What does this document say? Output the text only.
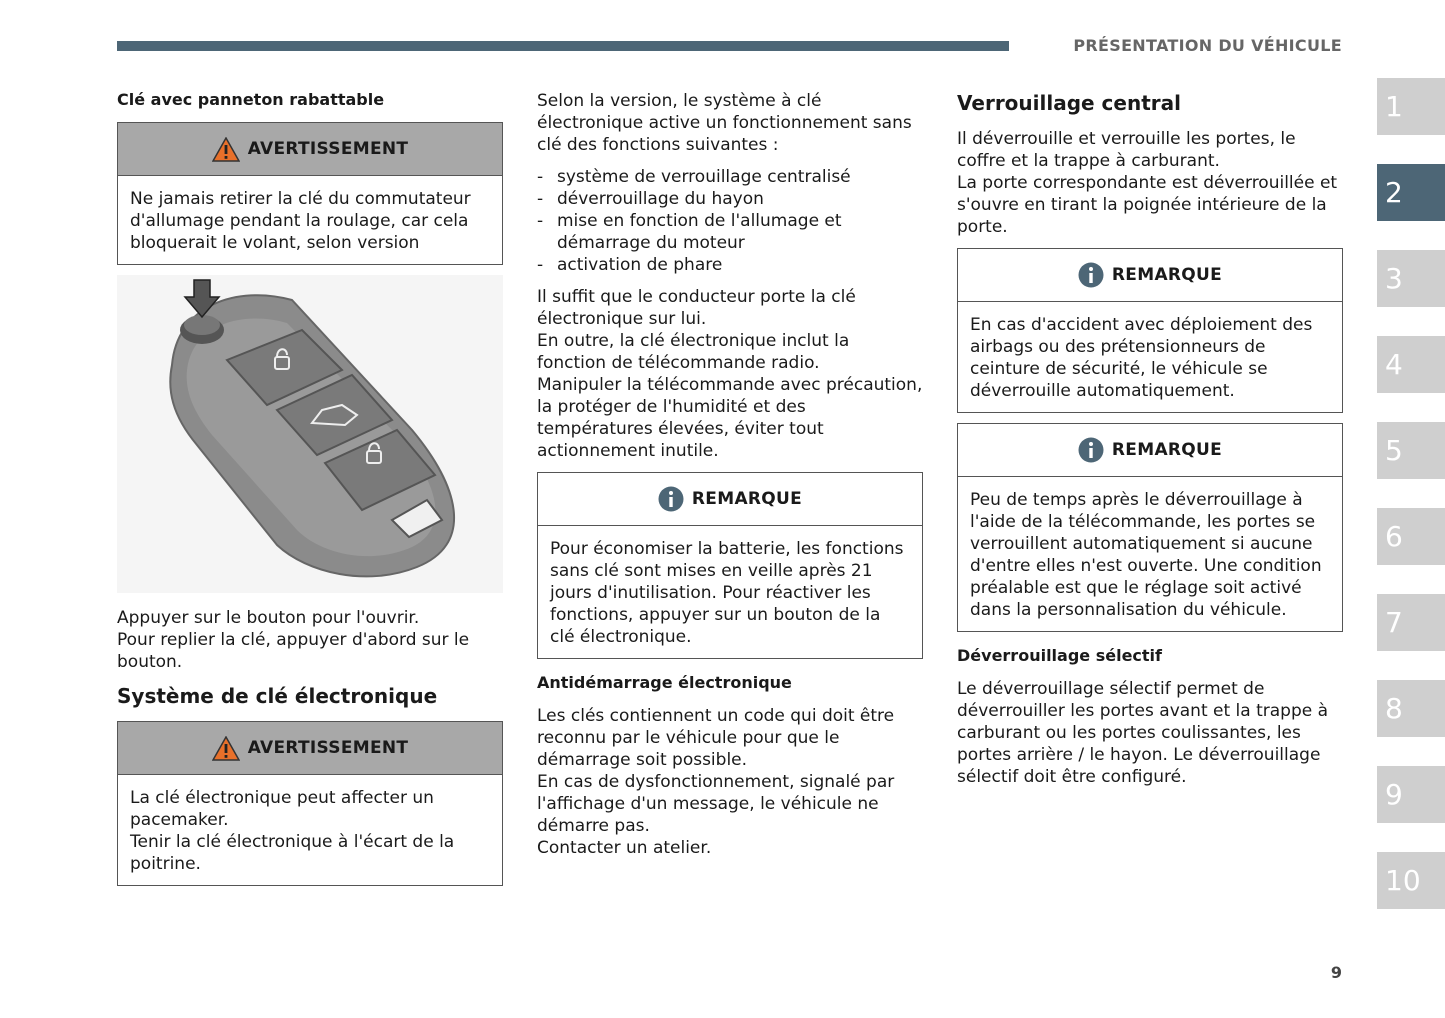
PRÉSENTATION DU VÉHICULE
Clé avec panneton rabattable
AVERTISSEMENT

Ne jamais retirer la clé du commutateur d'allumage pendant la roulage, car cela bloquerait le volant, selon version

Appuyer sur le bouton pour l'ouvrir.

Pour replier la clé, appuyer d'abord sur le bouton.

Système de clé électronique
AVERTISSEMENT

La clé électronique peut affecter un pacemaker.

Tenir la clé électronique à l'écart de la poitrine.

Selon la version, le système à clé électronique active un fonctionnement sans clé des fonctions suivantes :

- système de verrouillage centralisé
- déverrouillage du hayon
- mise en fonction de l'allumage et démarrage du moteur
- activation de phare

Il suffit que le conducteur porte la clé électronique sur lui.

En outre, la clé électronique inclut la fonction de télécommande radio.

Manipuler la télécommande avec précaution, la protéger de l'humidité et des températures élevées, éviter tout actionnement inutile.

REMARQUE

Pour économiser la batterie, les fonctions sans clé sont mises en veille après 21 jours d'inutilisation. Pour réactiver les fonctions, appuyer sur un bouton de la clé électronique.

Antidémarrage électronique

Les clés contiennent un code qui doit être reconnu par le véhicule pour que le démarrage soit possible.

En cas de dysfonctionnement, signalé par l'affichage d'un message, le véhicule ne démarre pas.

Contacter un atelier.

Verrouillage central

Il déverrouille et verrouille les portes, le coffre et la trappe à carburant.

La porte correspondante est déverrouillée et s'ouvre en tirant la poignée intérieure de la porte.

REMARQUE

En cas d'accident avec déploiement des airbags ou des prétensionneurs de ceinture de sécurité, le véhicule se déverrouille automatiquement.

REMARQUE

Peu de temps après le déverrouillage à l'aide de la télécommande, les portes se verrouillent automatiquement si aucune d'entre elles n'est ouverte. Une condition préalable est que le réglage soit activé dans la personnalisation du véhicule.

Déverrouillage sélectif

Le déverrouillage sélectif permet de déverrouiller les portes avant et la trappe à carburant ou les portes coulissantes, les portes arrière / le hayon. Le déverrouillage sélectif doit être configuré.

1
2
3
4
5
6
7
8
9
10
9
